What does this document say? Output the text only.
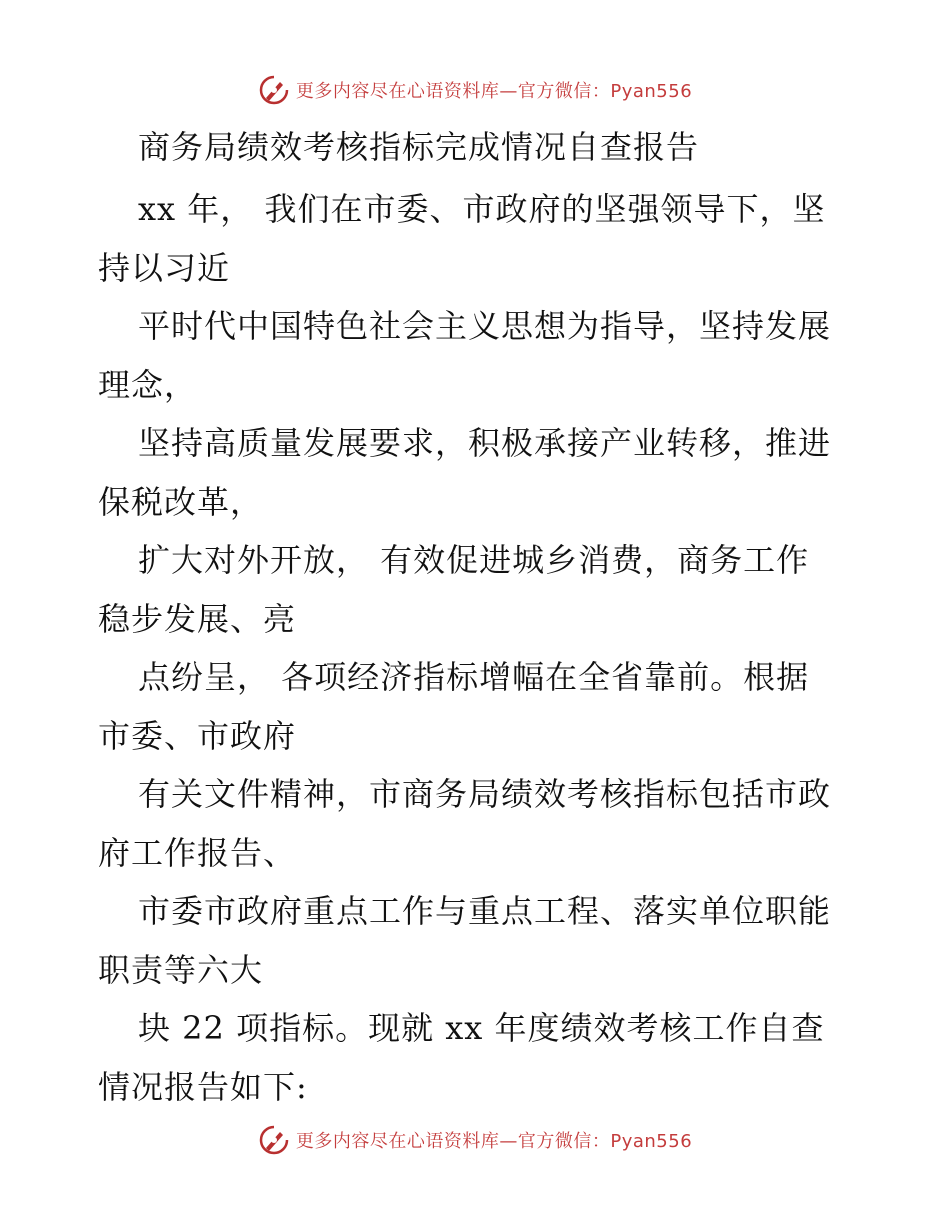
更多内容尽在心语资料库—官方微信：Pyan556
商务局绩效考核指标完成情况自查报告
xx 年， 我们在市委、市政府的坚强领导下，坚
持以习近
平时代中国特色社会主义思想为指导，坚持发展
理念，
坚持高质量发展要求，积极承接产业转移，推进
保税改革，
扩大对外开放， 有效促进城乡消费，商务工作
稳步发展、亮
点纷呈， 各项经济指标增幅在全省靠前。根据
市委、市政府
有关文件精神，市商务局绩效考核指标包括市政
府工作报告、
市委市政府重点工作与重点工程、落实单位职能
职责等六大
块 22 项指标。现就 xx 年度绩效考核工作自查
情况报告如下:
更多内容尽在心语资料库—官方微信：Pyan556
